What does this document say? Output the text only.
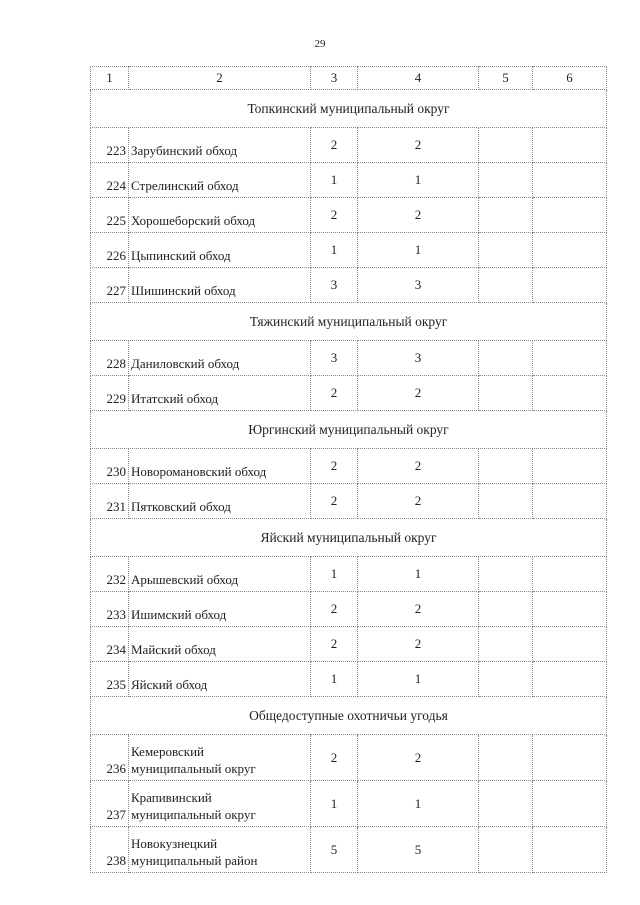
29
1	2	3	4	5	6
Топкинский муниципальный округ					
223	Зарубинский обход	2	2		
224	Стрелинский обход	1	1		
225	Хорошеборский обход	2	2		
226	Цыпинский обход	1	1		
227	Шишинский обход	3	3		
Тяжинский муниципальный округ					
228	Даниловский обход	3	3		
229	Итатский обход	2	2		
Юргинский муниципальный округ					
230	Новоромановский обход	2	2		
231	Пятковский обход	2	2		
Яйский муниципальный округ					
232	Арышевский обход	1	1		
233	Ишимский обход	2	2		
234	Майский обход	2	2		
235	Яйский обход	1	1		
Общедоступные охотничьи угодья					
236	Кемеровский
муниципальный округ	2	2		
237	Крапивинский
муниципальный округ	1	1		
238	Новокузнецкий
муниципальный район	5	5		
